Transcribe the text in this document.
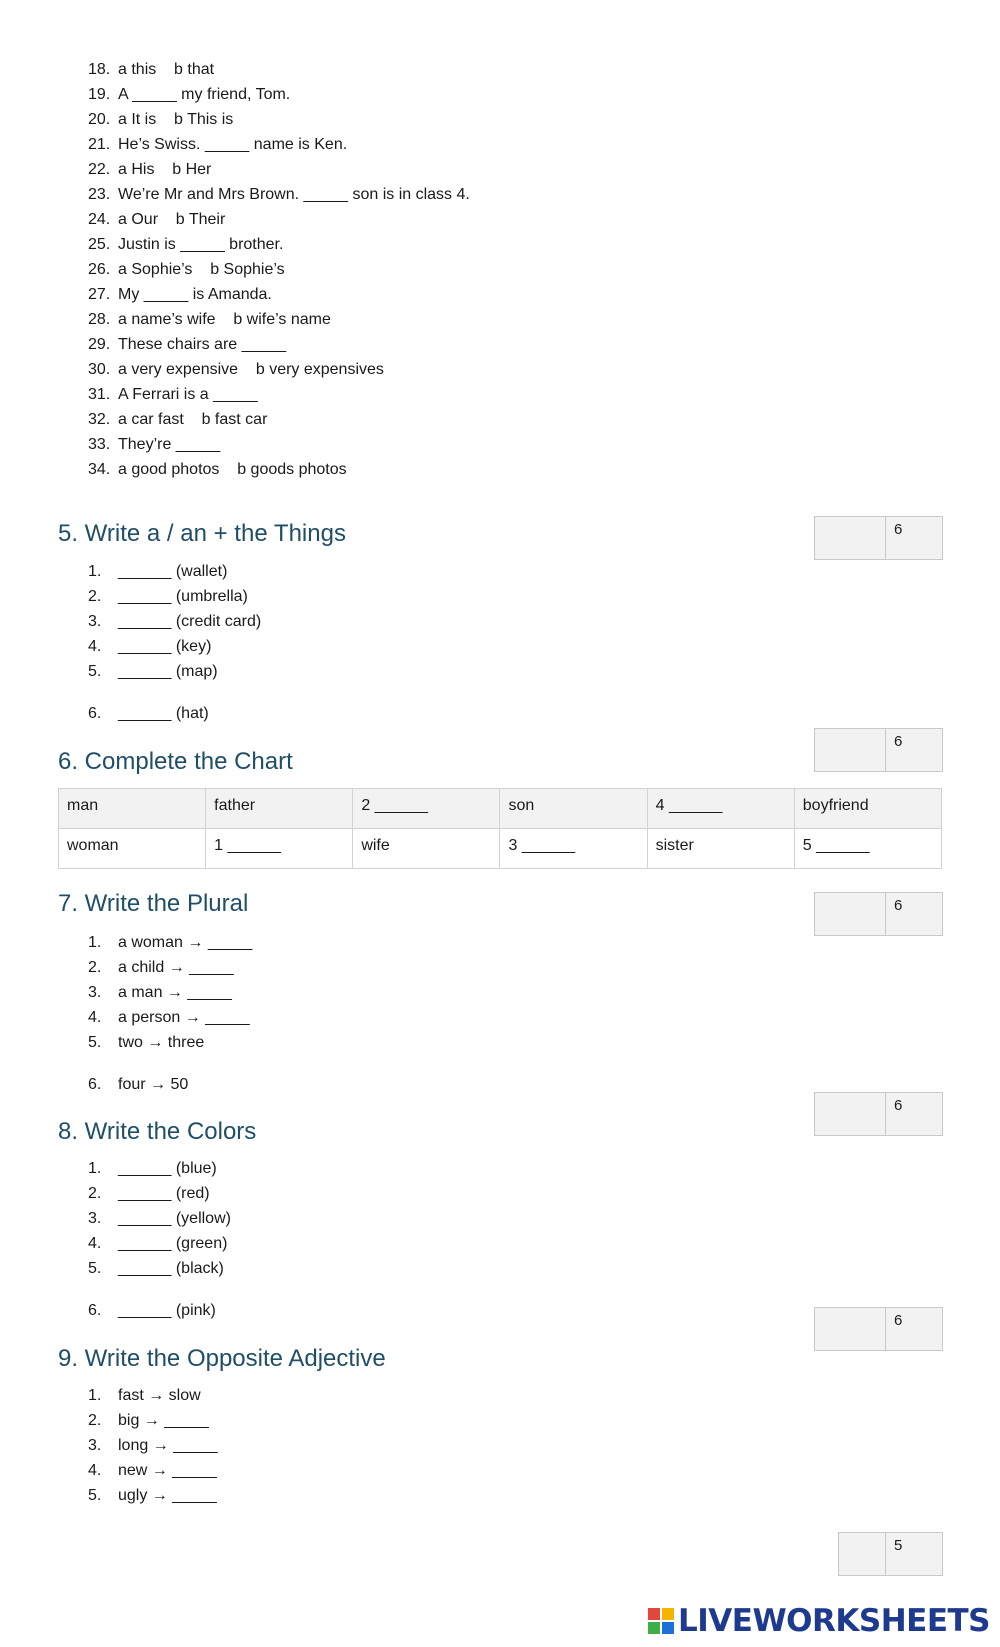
18. a this    b that
19. A _____ my friend, Tom.
20. a It is    b This is
21. He’s Swiss. _____ name is Ken.
22. a His    b Her
23. We’re Mr and Mrs Brown. _____ son is in class 4.
24. a Our    b Their
25. Justin is _____ brother.
26. a Sophie’s    b Sophie’s
27. My _____ is Amanda.
28. a name’s wife    b wife’s name
29. These chairs are _____
30. a very expensive    b very expensives
31. A Ferrari is a _____
32. a car fast    b fast car
33. They’re _____
34. a good photos    b goods photos
5. Write a / an + the Things	6
1. ______ (wallet)
2. ______ (umbrella)
3. ______ (credit card)
4. ______ (key)
5. ______ (map)
6. ______ (hat)
6
6. Complete the Chart
man	father	2 ______	son	4 ______	boyfriend
woman	1 ______	wife	3 ______	sister	5 ______
7. Write the Plural	6
1. a woman → _____
2. a child → _____
3. a man → _____
4. a person → _____
5. two → three
6. four → 50
6
8. Write the Colors
1. ______ (blue)
2. ______ (red)
3. ______ (yellow)
4. ______ (green)
5. ______ (black)
6. ______ (pink)
6
9. Write the Opposite Adjective
1. fast → slow
2. big → _____
3. long → _____
4. new → _____
5. ugly → _____
5
LIVEWORKSHEETS
